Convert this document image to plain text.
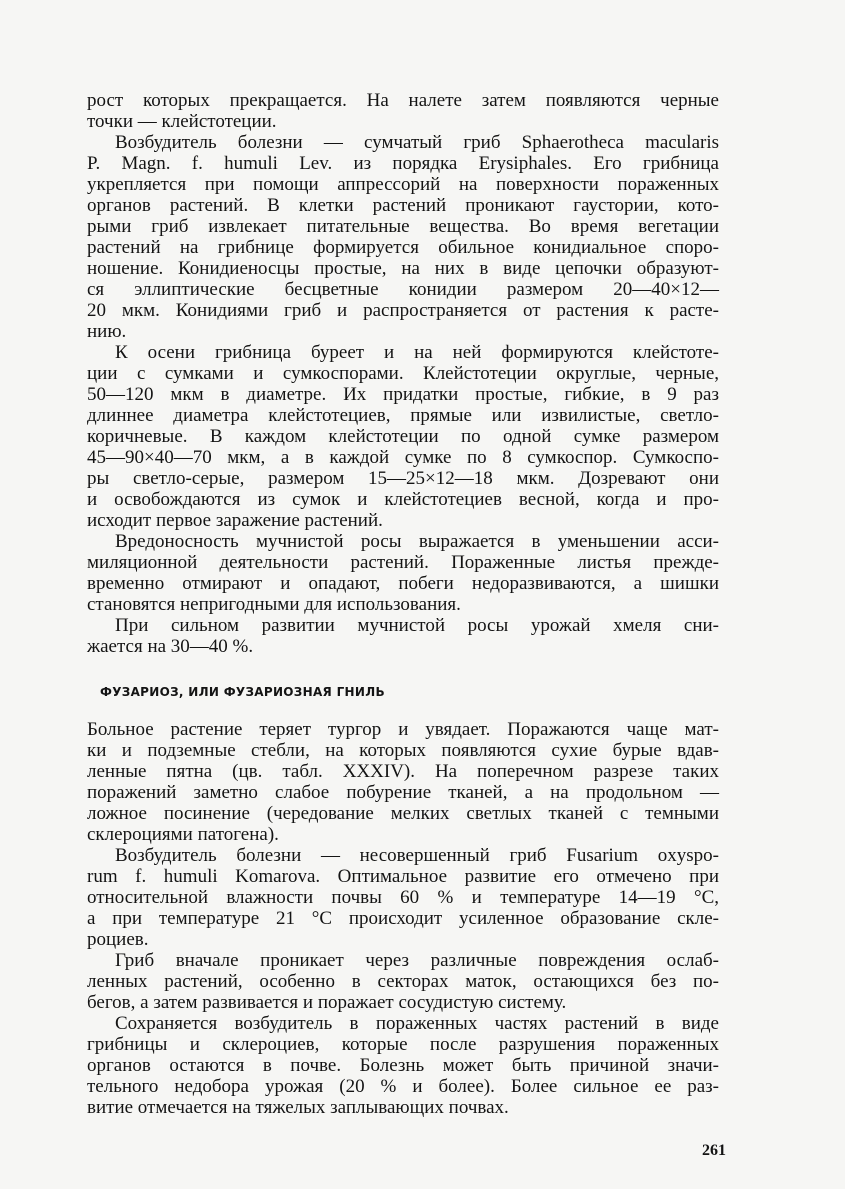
рост которых прекращается. На налете затем появляются черные
точки — клейстотеции.
Возбудитель болезни — сумчатый гриб Sphaerotheca macularis
P. Magn. f. humuli Lev. из порядка Erysiphales. Его грибница
укрепляется при помощи аппрессорий на поверхности пораженных
органов растений. В клетки растений проникают гаустории, кото-
рыми гриб извлекает питательные вещества. Во время вегетации
растений на грибнице формируется обильное конидиальное споро-
ношение. Конидиеносцы простые, на них в виде цепочки образуют-
ся эллиптические бесцветные конидии размером 20—40×12—
20 мкм. Конидиями гриб и распространяется от растения к расте-
нию.
К осени грибница буреет и на ней формируются клейстоте-
ции с сумками и сумкоспорами. Клейстотеции округлые, черные,
50—120 мкм в диаметре. Их придатки простые, гибкие, в 9 раз
длиннее диаметра клейстотециев, прямые или извилистые, светло-
коричневые. В каждом клейстотеции по одной сумке размером
45—90×40—70 мкм, а в каждой сумке по 8 сумкоспор. Сумкоспо-
ры светло-серые, размером 15—25×12—18 мкм. Дозревают они
и освобождаются из сумок и клейстотециев весной, когда и про-
исходит первое заражение растений.
Вредоносность мучнистой росы выражается в уменьшении асси-
миляционной деятельности растений. Пораженные листья преждe-
временно отмирают и опадают, побеги недоразвиваются, а шишки
становятся непригодными для использования.
При сильном развитии мучнистой росы урожай хмеля сни-
жается на 30—40 %.
ФУЗАРИОЗ, ИЛИ ФУЗАРИОЗНАЯ ГНИЛЬ
Больное растение теряет тургор и увядает. Поражаются чаще мат-
ки и подземные стебли, на которых появляются сухие бурые вдав-
ленные пятна (цв. табл. XXXIV). На поперечном разрезе таких
поражений заметно слабое побурение тканей, а на продольном —
ложное посинение (чередование мелких светлых тканей с темными
склероциями патогена).
Возбудитель болезни — несовершенный гриб Fusarium oxyspo-
rum f. humuli Komarova. Оптимальное развитие его отмечено при
относительной влажности почвы 60 % и температуре 14—19 °С,
а при температуре 21 °С происходит усиленное образование скле-
роциев.
Гриб вначале проникает через различные повреждения ослаб-
ленных растений, особенно в секторах маток, остающихся без по-
бегов, а затем развивается и поражает сосудистую систему.
Сохраняется возбудитель в пораженных частях растений в виде
грибницы и склероциев, которые после разрушения пораженных
органов остаются в почве. Болезнь может быть причиной значи-
тельного недобора урожая (20 % и более). Более сильное ее раз-
витие отмечается на тяжелых заплывающих почвах.
261
